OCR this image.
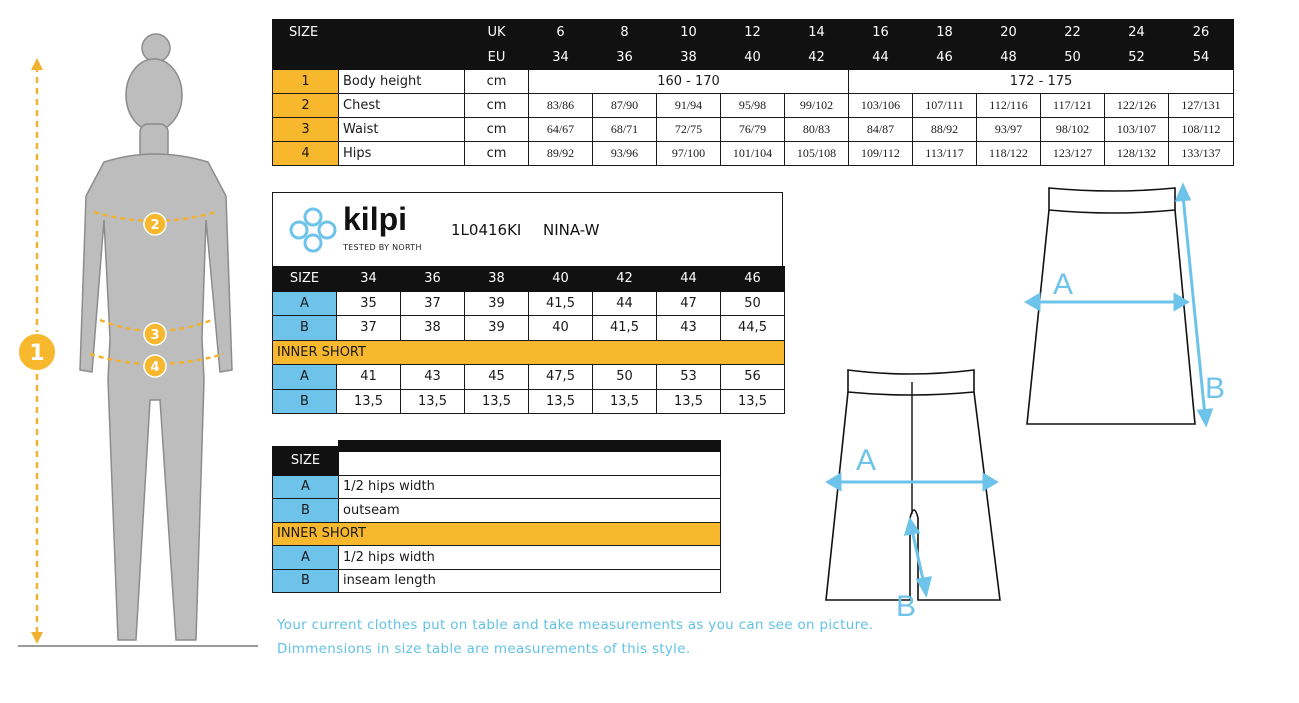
1
2
3
4
SIZE		UK	6	8	10	12	14	16	18	20	22	24	26
		EU	34	36	38	40	42	44	46	48	50	52	54
1	Body height	cm	160 - 170					172 - 175					
2	Chest	cm	83/86	87/90	91/94	95/98	99/102	103/106	107/111	112/116	117/121	122/126	127/131
3	Waist	cm	64/67	68/71	72/75	76/79	80/83	84/87	88/92	93/97	98/102	103/107	108/112
4	Hips	cm	89/92	93/96	97/100	101/104	105/108	109/112	113/117	118/122	123/127	128/132	133/137
kilpi
TESTED BY NORTH
1L0416KI NINA-W
SIZE	34	36	38	40	42	44	46
A	35	37	39	41,5	44	47	50
B	37	38	39	40	41,5	43	44,5
INNER SHORT							
A	41	43	45	47,5	50	53	56
B	13,5	13,5	13,5	13,5	13,5	13,5	13,5
SIZE	
A	1/2 hips width
B	outseam
INNER SHORT	
A	1/2 hips width
B	inseam length
Your current clothes put on table and take measurements as you can see on picture.
Dimmensions in size table are measurements of this style.
A
B
A
B
